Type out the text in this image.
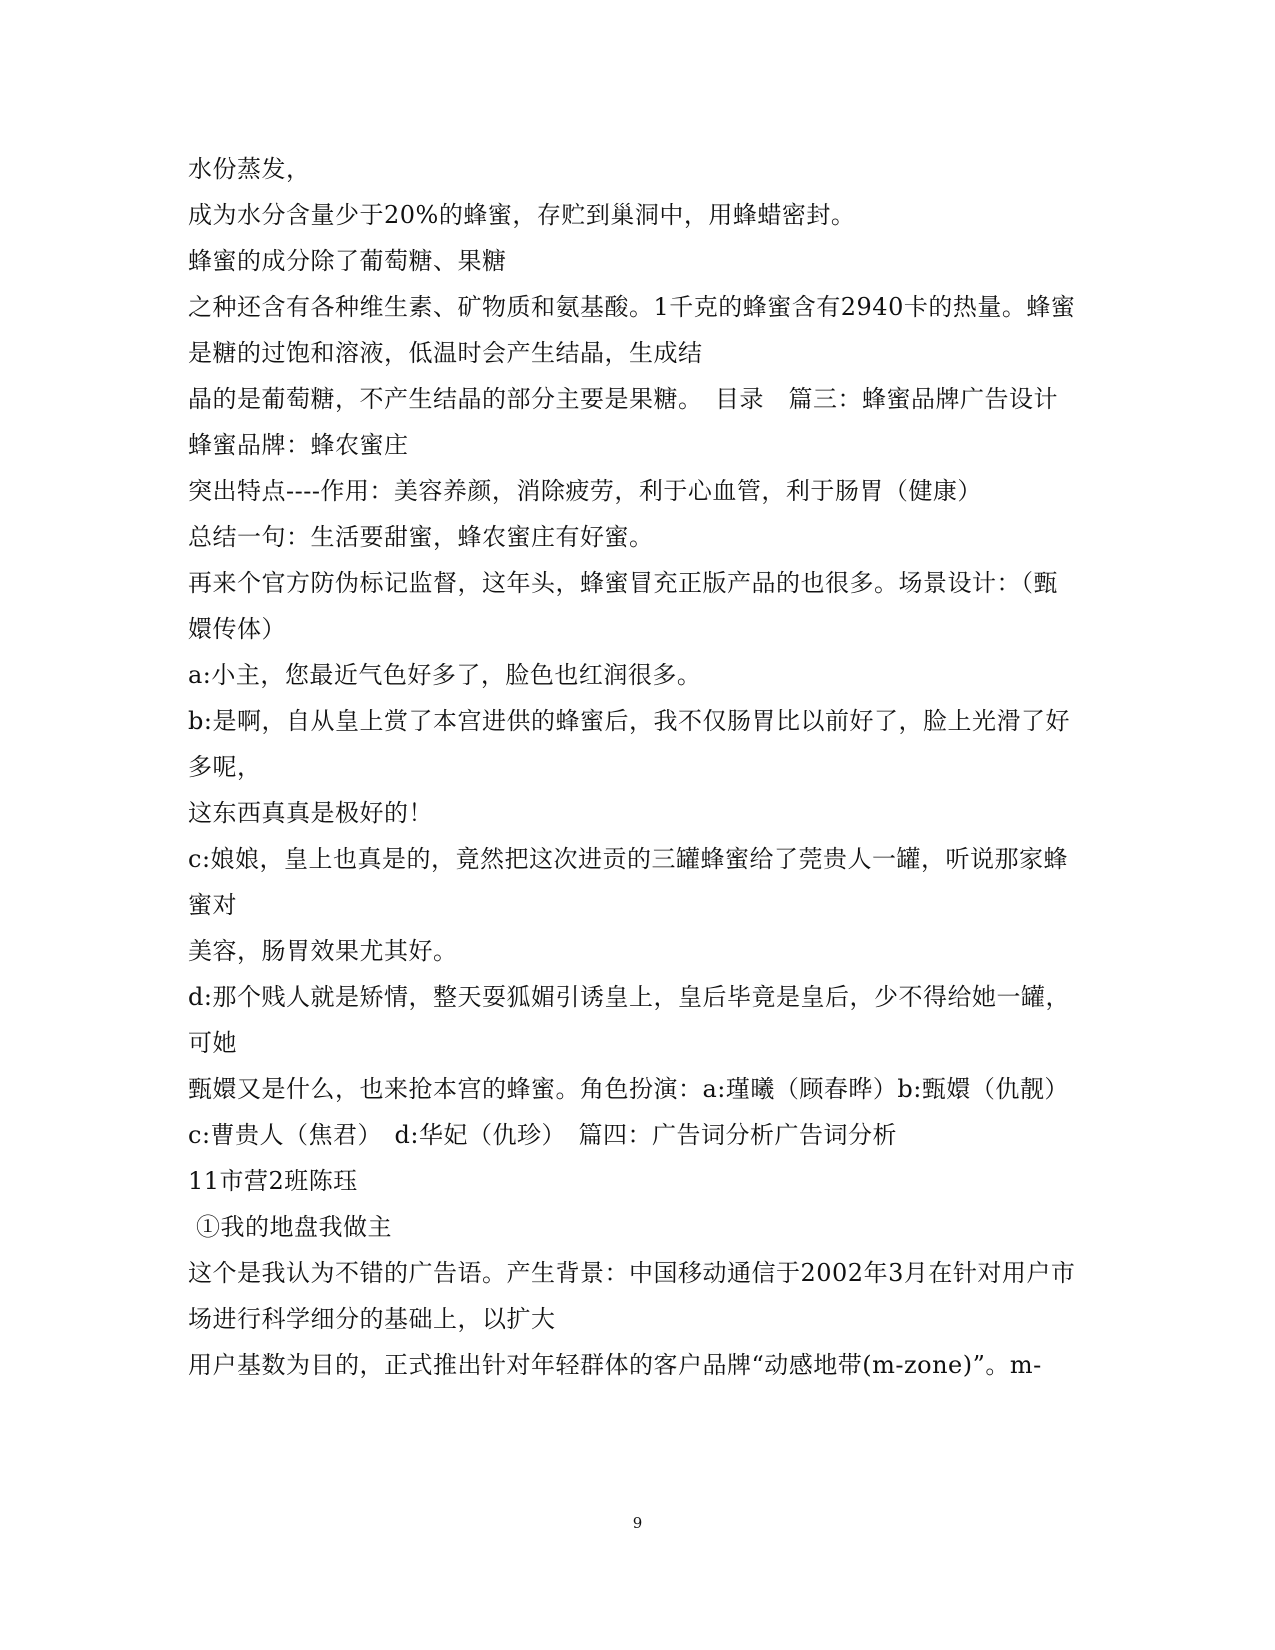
水份蒸发，
成为水分含量少于20%的蜂蜜，存贮到巢洞中，用蜂蜡密封。
蜂蜜的成分除了葡萄糖、果糖
之种还含有各种维生素、矿物质和氨基酸。1千克的蜂蜜含有2940卡的热量。蜂蜜
是糖的过饱和溶液，低温时会产生结晶，生成结
晶的是葡萄糖，不产生结晶的部分主要是果糖。　目录　篇三：蜂蜜品牌广告设计
蜂蜜品牌：蜂农蜜庄
突出特点----作用：美容养颜，消除疲劳，利于心血管，利于肠胃（健康）
总结一句：生活要甜蜜，蜂农蜜庄有好蜜。
再来个官方防伪标记监督，这年头，蜂蜜冒充正版产品的也很多。场景设计：（甄
嬛传体）
a:小主，您最近气色好多了，脸色也红润很多。
b:是啊，自从皇上赏了本宫进供的蜂蜜后，我不仅肠胃比以前好了，脸上光滑了好
多呢，
这东西真真是极好的！
c:娘娘，皇上也真是的，竟然把这次进贡的三罐蜂蜜给了莞贵人一罐，听说那家蜂
蜜对
美容，肠胃效果尤其好。
d:那个贱人就是矫情，整天耍狐媚引诱皇上，皇后毕竟是皇后，少不得给她一罐，
可她
甄嬛又是什么，也来抢本宫的蜂蜜。角色扮演：a:瑾曦（顾春晔）b:甄嬛（仇靓）
c:曹贵人（焦君）　d:华妃（仇珍）　篇四：广告词分析广告词分析
11市营2班陈珏
①我的地盘我做主
这个是我认为不错的广告语。产生背景：中国移动通信于2002年3月在针对用户市
场进行科学细分的基础上，以扩大
用户基数为目的，正式推出针对年轻群体的客户品牌“动感地带(m-zone)”。m-
9
